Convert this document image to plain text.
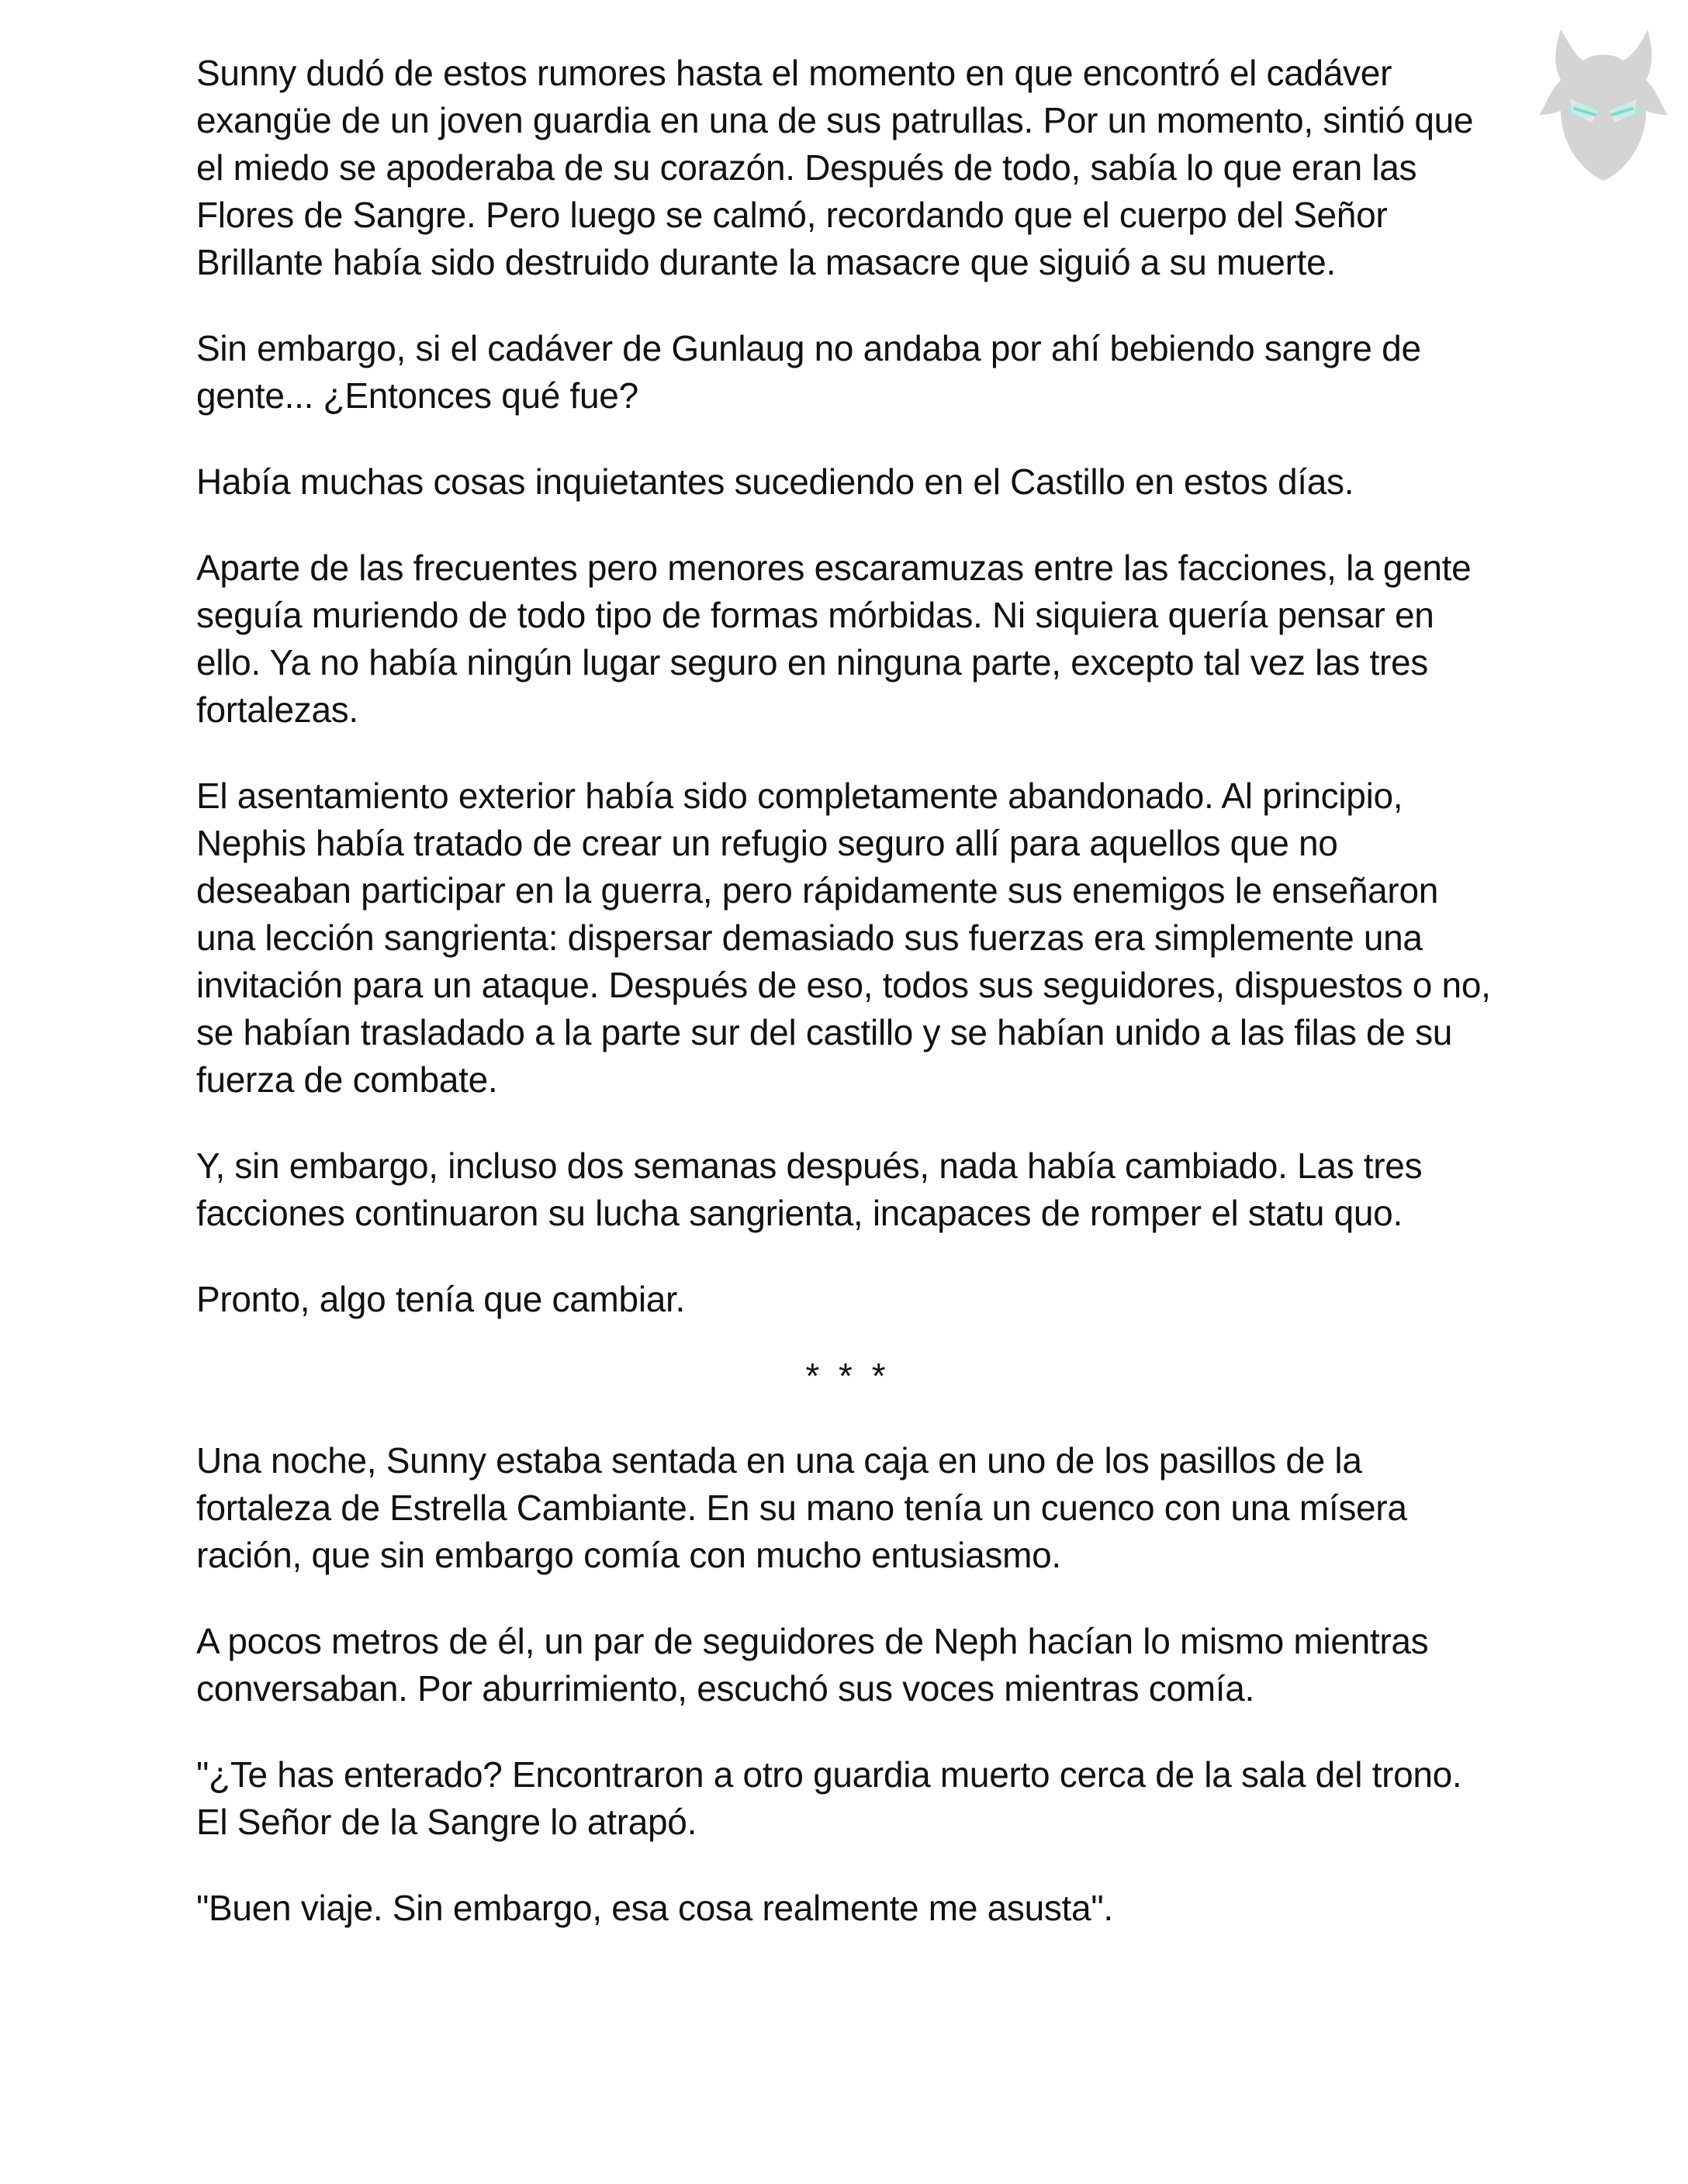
Sunny dudó de estos rumores hasta el momento en que encontró el cadáver exangüe de un joven guardia en una de sus patrullas. Por un momento, sintió que el miedo se apoderaba de su corazón. Después de todo, sabía lo que eran las Flores de Sangre. Pero luego se calmó, recordando que el cuerpo del Señor Brillante había sido destruido durante la masacre que siguió a su muerte.

Sin embargo, si el cadáver de Gunlaug no andaba por ahí bebiendo sangre de gente... ¿Entonces qué fue?

Había muchas cosas inquietantes sucediendo en el Castillo en estos días.

Aparte de las frecuentes pero menores escaramuzas entre las facciones, la gente seguía muriendo de todo tipo de formas mórbidas. Ni siquiera quería pensar en ello. Ya no había ningún lugar seguro en ninguna parte, excepto tal vez las tres fortalezas.

El asentamiento exterior había sido completamente abandonado. Al principio, Nephis había tratado de crear un refugio seguro allí para aquellos que no deseaban participar en la guerra, pero rápidamente sus enemigos le enseñaron una lección sangrienta: dispersar demasiado sus fuerzas era simplemente una invitación para un ataque. Después de eso, todos sus seguidores, dispuestos o no, se habían trasladado a la parte sur del castillo y se habían unido a las filas de su fuerza de combate.

Y, sin embargo, incluso dos semanas después, nada había cambiado. Las tres facciones continuaron su lucha sangrienta, incapaces de romper el statu quo.

Pronto, algo tenía que cambiar.

* * *

Una noche, Sunny estaba sentada en una caja en uno de los pasillos de la fortaleza de Estrella Cambiante. En su mano tenía un cuenco con una mísera ración, que sin embargo comía con mucho entusiasmo.

A pocos metros de él, un par de seguidores de Neph hacían lo mismo mientras conversaban. Por aburrimiento, escuchó sus voces mientras comía.

"¿Te has enterado? Encontraron a otro guardia muerto cerca de la sala del trono. El Señor de la Sangre lo atrapó.

"Buen viaje. Sin embargo, esa cosa realmente me asusta".
